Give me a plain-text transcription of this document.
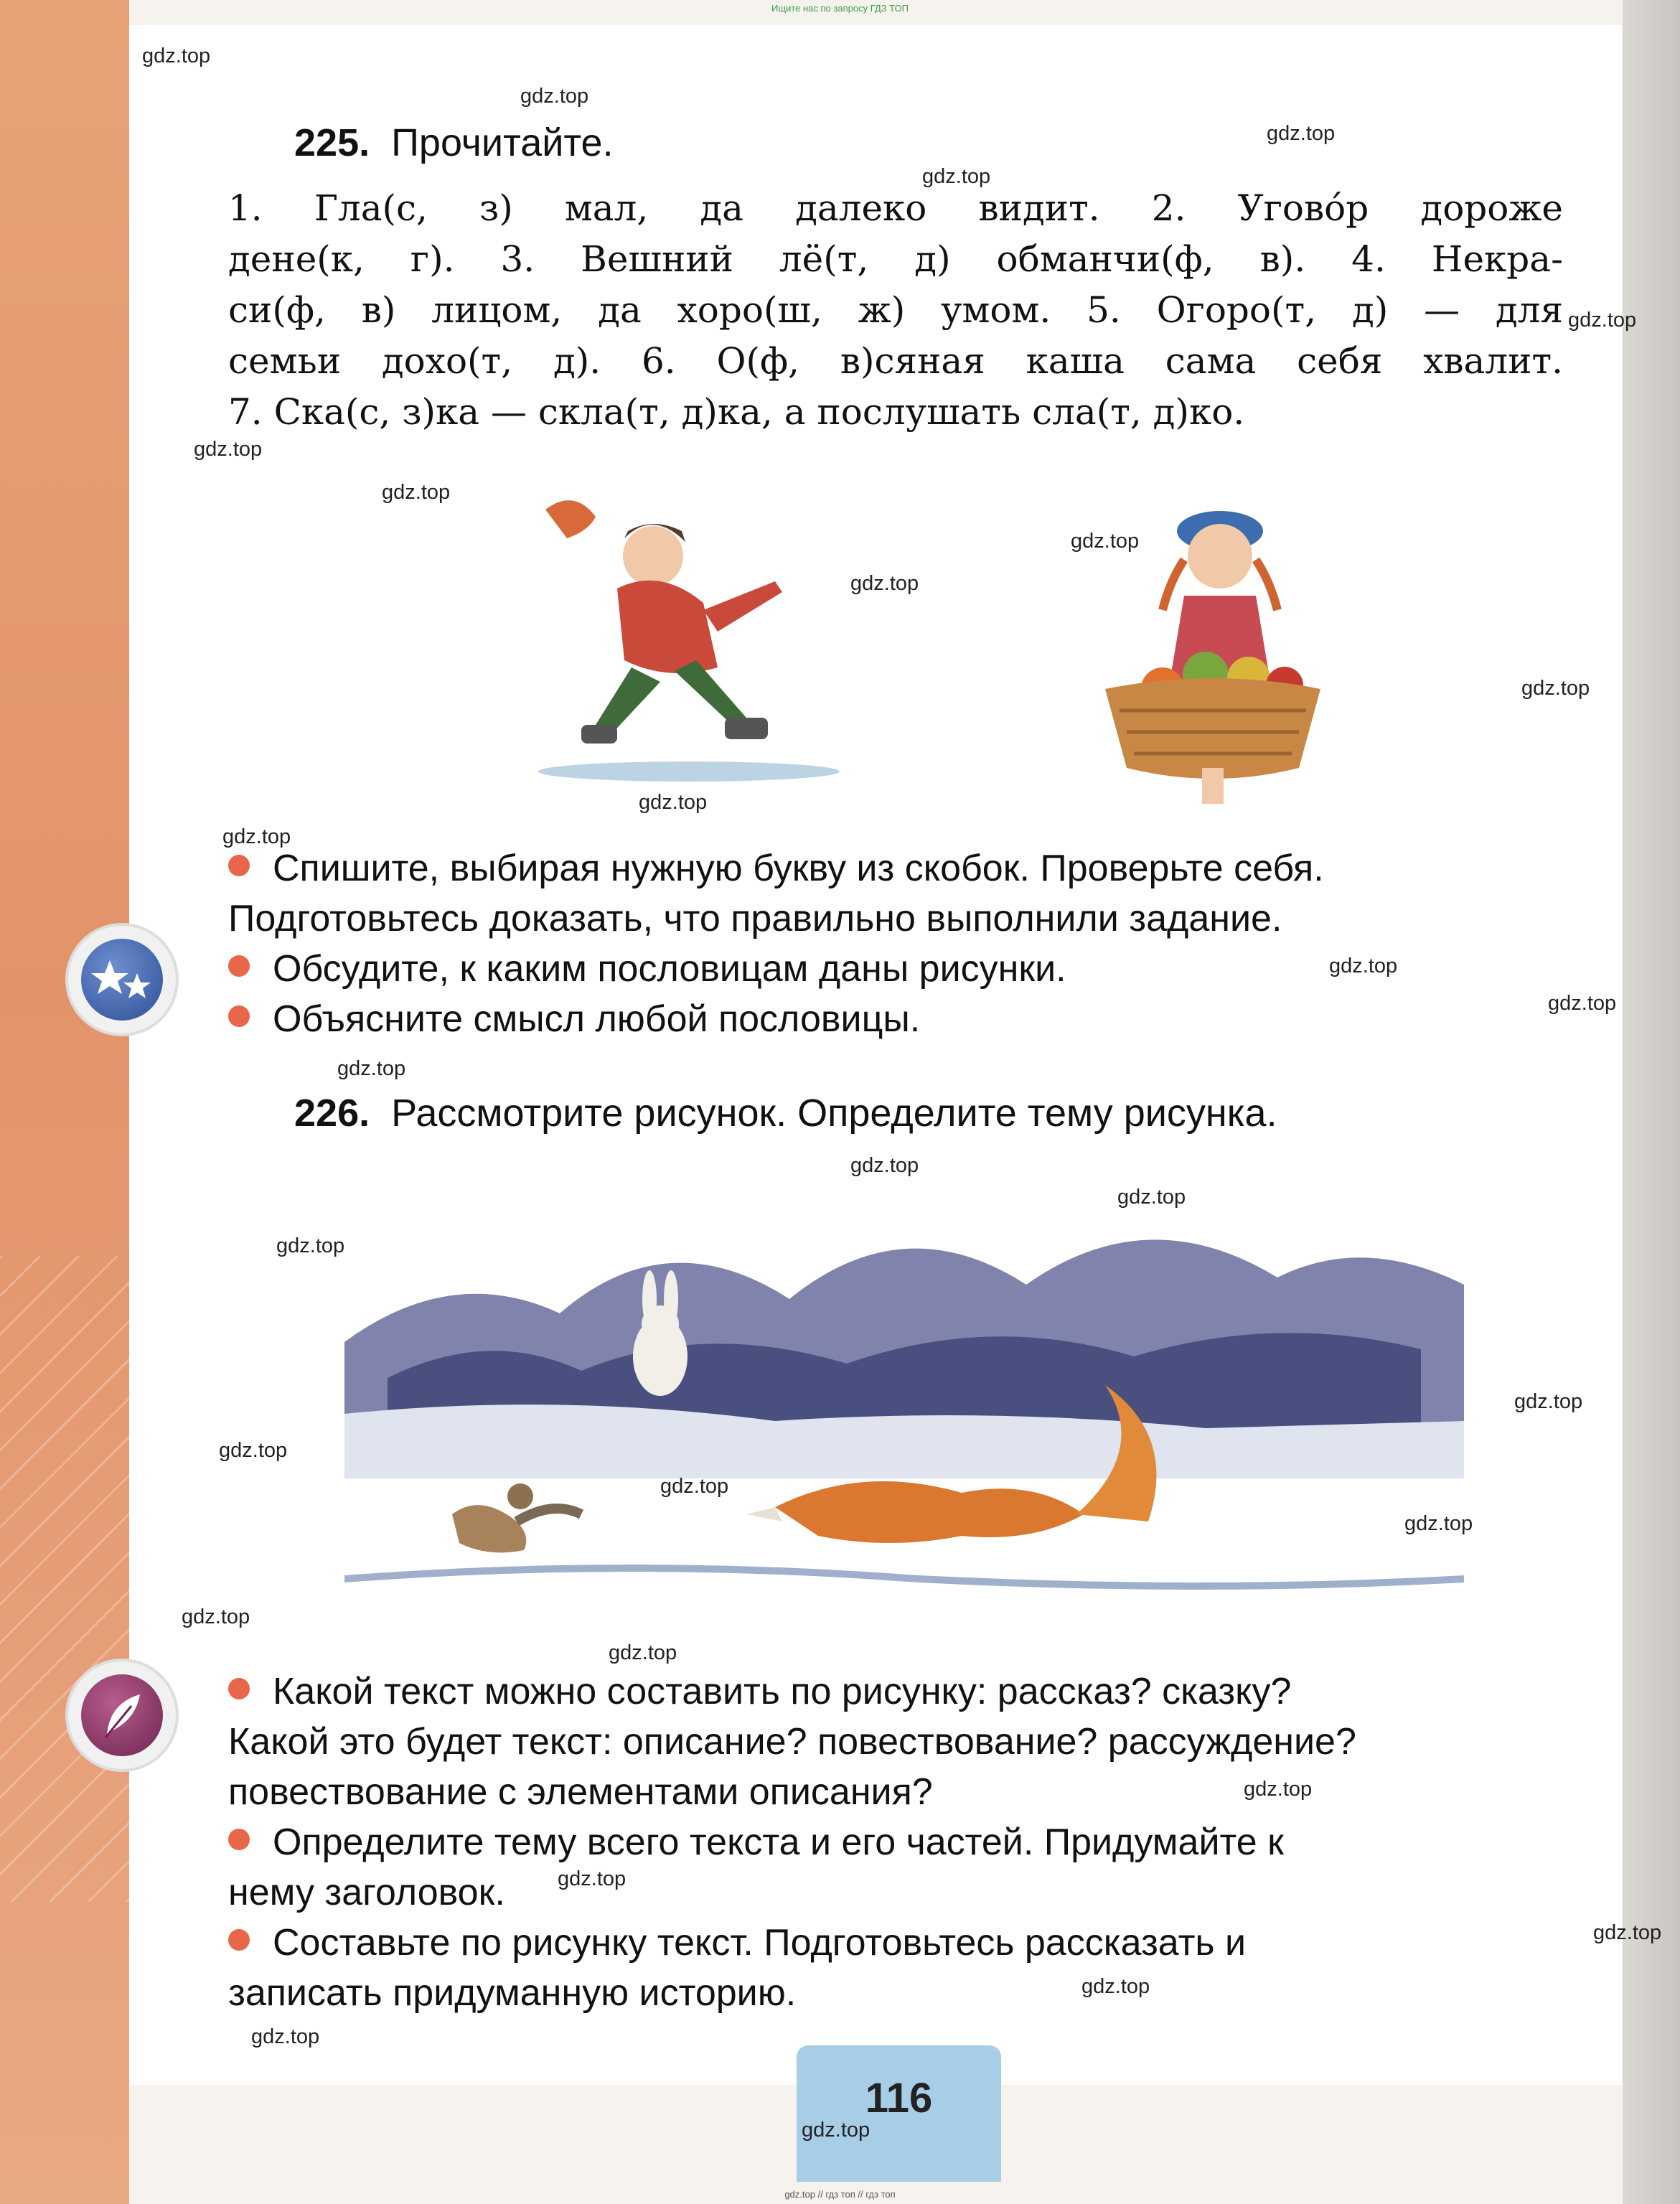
Ищите нас по запросу ГДЗ ТОП
225. Прочитайте.
1. Гла(с, з) мал, да далеко видит. 2. Уговóр дороже
дене(к, г). 3. Вешний лё(т, д) обманчи(ф, в). 4. Некра-
си(ф, в) лицом, да хоро(ш, ж) умом. 5. Огоро(т, д) — для
семьи дохо(т, д). 6. О(ф, в)сяная каша сама себя хвалит.
7. Ска(с, з)ка — скла(т, д)ка, а послушать сла(т, д)ко.
Спишите, выбирая нужную букву из скобок. Проверьте себя.
Подготовьтесь доказать, что правильно выполнили задание.
Обсудите, к каким пословицам даны рисунки.
Объясните смысл любой пословицы.
226. Рассмотрите рисунок. Определите тему рисунка.
Какой текст можно составить по рисунку: рассказ? сказку?
Какой это будет текст: описание? повествование? рассуждение?
повествование с элементами описания?
Определите тему всего текста и его частей. Придумайте к
нему заголовок.
Составьте по рисунку текст. Подготовьтесь рассказать и
записать придуманную историю.
116
gdz.top
gdz.top
gdz.top
gdz.top
gdz.top
gdz.top
gdz.top
gdz.top
gdz.top
gdz.top
gdz.top
gdz.top
gdz.top
gdz.top
gdz.top
gdz.top
gdz.top
gdz.top
gdz.top
gdz.top
gdz.top
gdz.top
gdz.top
gdz.top
gdz.top
gdz.top
gdz.top
gdz.top
gdz.top
gdz.top
gdz.top // гдз топ // гдз топ
